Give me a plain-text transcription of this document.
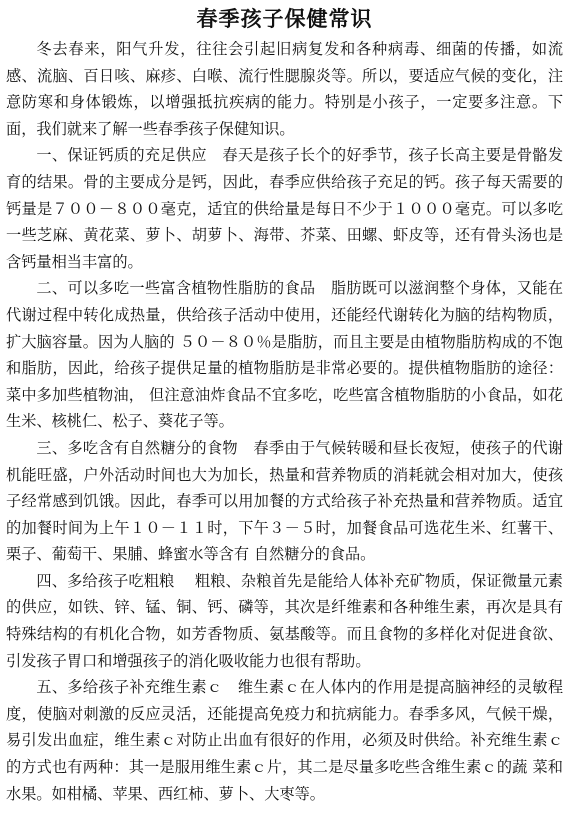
春季孩子保健常识

冬去春来，阳气升发，往往会引起旧病复发和各种病毒、细菌的传播，如流感、流脑、百日咳、麻疹、白喉、流行性腮腺炎等。所以，要适应气候的变化，注意防寒和身体锻炼，以增强抵抗疾病的能力。特别是小孩子，一定要多注意。下面，我们就来了解一些春季孩子保健知识。

一、保证钙质的充足供应　春天是孩子长个的好季节，孩子长高主要是骨骼发育的结果。骨的主要成分是钙，因此，春季应供给孩子充足的钙。孩子每天需要的钙量是７００－８００毫克，适宜的供给量是每日不少于１０００毫克。可以多吃一些芝麻、黄花菜、萝卜、胡萝卜、海带、芥菜、田螺、虾皮等，还有骨头汤也是含钙量相当丰富的。

二、可以多吃一些富含植物性脂肪的食品　脂肪既可以滋润整个身体，又能在代谢过程中转化成热量，供给孩子活动中使用，还能经代谢转化为脑的结构物质，扩大脑容量。因为人脑的 ５０－８０％是脂肪，而且主要是由植物脂肪构成的不饱和脂肪，因此，给孩子提供足量的植物脂肪是非常必要的。提供植物脂肪的途径：菜中多加些植物油， 但注意油炸食品不宜多吃，吃些富含植物脂肪的小食品，如花生米、核桃仁、松子、葵花子等。

三、多吃含有自然糖分的食物　春季由于气候转暖和昼长夜短，使孩子的代谢机能旺盛，户外活动时间也大为加长，热量和营养物质的消耗就会相对加大，使孩子经常感到饥饿。因此，春季可以用加餐的方式给孩子补充热量和营养物质。适宜的加餐时间为上午１０－１１时，下午３－５时，加餐食品可选花生米、红薯干、栗子、葡萄干、果脯、蜂蜜水等含有 自然糖分的食品。

四、多给孩子吃粗粮　 粗粮、杂粮首先是能给人体补充矿物质，保证微量元素的供应，如铁、锌、锰、铜、钙、磷等，其次是纤维素和各种维生素，再次是具有特殊结构的有机化合物，如芳香物质、氨基酸等。而且食物的多样化对促进食欲、引发孩子胃口和增强孩子的消化吸收能力也很有帮助。

五、多给孩子补充维生素ｃ　维生素ｃ在人体内的作用是提高脑神经的灵敏程度，使脑对刺激的反应灵活，还能提高免疫力和抗病能力。春季多风，气候干燥，易引发出血症，维生素ｃ对防止出血有很好的作用，必须及时供给。补充维生素ｃ的方式也有两种：其一是服用维生素ｃ片，其二是尽量多吃些含维生素ｃ的蔬 菜和水果。如柑橘、苹果、西红柿、萝卜、大枣等。
